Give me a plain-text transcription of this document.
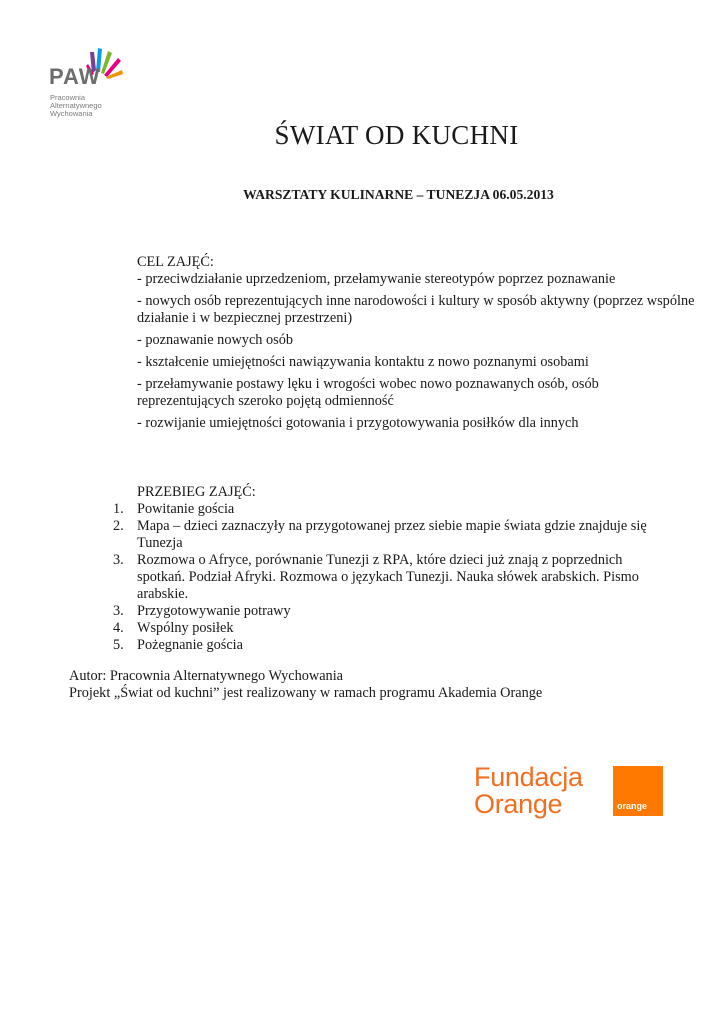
PAW
Pracownia
Alternatywnego
Wychowania
ŚWIAT OD KUCHNI
WARSZTATY KULINARNE – TUNEZJA 06.05.2013
CEL ZAJĘĆ:
- przeciwdziałanie uprzedzeniom, przełamywanie stereotypów poprzez poznawanie
- nowych osób reprezentujących inne narodowości i kultury w sposób aktywny (poprzez wspólne działanie i w bezpiecznej przestrzeni)
- poznawanie nowych osób
- kształcenie umiejętności nawiązywania kontaktu z nowo poznanymi osobami
- przełamywanie postawy lęku i wrogości wobec nowo poznawanych osób, osób reprezentujących szeroko pojętą odmienność
- rozwijanie umiejętności gotowania i przygotowywania posiłków dla innych
PRZEBIEG ZAJĘĆ:
1. Powitanie gościa
2. Mapa – dzieci zaznaczyły na przygotowanej przez siebie mapie świata gdzie znajduje się Tunezja
3. Rozmowa o Afryce, porównanie Tunezji z RPA, które dzieci już znają z poprzednich spotkań. Podział Afryki. Rozmowa o językach Tunezji. Nauka słówek arabskich. Pismo arabskie.
3. Przygotowywanie potrawy
4. Wspólny posiłek
5. Pożegnanie gościa
Autor: Pracownia Alternatywnego Wychowania
Projekt „Świat od kuchni” jest realizowany w ramach programu Akademia Orange
Fundacja
Orange	orange
